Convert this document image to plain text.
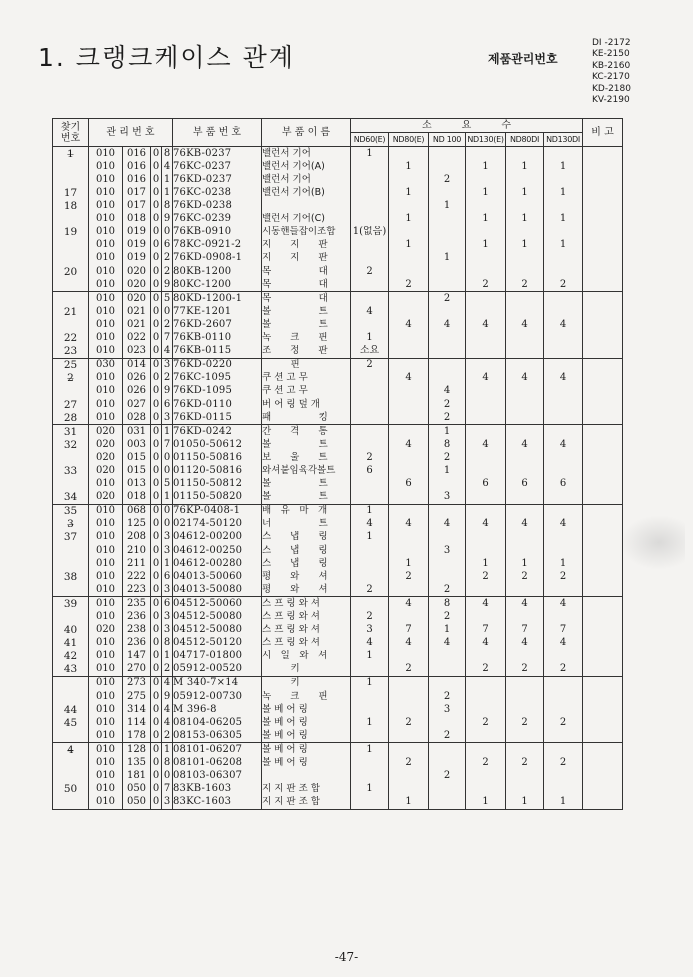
1. 크랭크케이스 관계	제품관리번호
DI -2172
KE-2150
KB-2160
KC-2170
KD-2180
KV-2190
찾기
번호	관 리 번 호				부 품 번 호	부 품 이 름	소　　　요　　　수						비 고
							ND60(E)	ND80(E)	ND 100	ND130(E)	ND80DI	ND130DI	
1̶	010	016	0	8	76KB-0237	밸런서 기어	1						
	010	016	0	4	76KC-0237	밸런서 기어(A)		1		1	1	1	
	010	016	0	1	76KD-0237	밸런서 기어			2				
17	010	017	0	1	76KC-0238	밸런서 기어(B)		1		1	1	1	
18	010	017	0	8	76KD-0238				1				
	010	018	0	9	76KC-0239	밸런서 기어(C)		1		1	1	1	
19	010	019	0	0	76KB-0910	시동핸들잡이조합	1(없음)						
	010	019	0	6	78KC-0921-2	지　　지　　판		1		1	1	1	
	010	019	0	2	76KD-0908-1	지　　지　　판			1				
20	010	020	0	2	80KB-1200	목　　　　　대	2						
	010	020	0	9	80KC-1200	목　　　　　대		2		2	2	2	
	010	020	0	5	80KD-1200-1	목　　　　　대			2				
21	010	021	0	0	77KE-1201	볼　　　　　트	4						
	010	021	0	2	76KD-2607	볼　　　　　트		4	4	4	4	4	
22	010	022	0	7	76KB-0110	녹　　크　　핀	1						
23	010	023	0	4	76KB-0115	조　　정　　판	소요						
25	030	014	0	3	76KD-0220	　　　핀	2						
2̶	010	026	0	2	76KC-1095	쿠 션 고 무		4		4	4	4	
	010	026	0	9	76KD-1095	쿠 션 고 무			4				
27	010	027	0	6	76KD-0110	버 어 링 덮 개			2				
28	010	028	0	3	76KD-0115	패　　　　　킹			2				
31	020	031	0	1	76KD-0242	간　　격　　통			1				
32	020	003	0	7	01050-50612	볼　　　　　트		4	8	4	4	4	
	020	015	0	0	01150-50816	보　　울　　트	2		2				
33	020	015	0	0	01120-50816	와셔붙임육각볼트	6		1				
	010	013	0	5	01150-50812	볼　　　　　트		6		6	6	6	
34	020	018	0	1	01150-50820	볼　　　　　트			3				
35	010	068	0	0	76KP-0408-1	배　유　마　개	1						
3̶	010	125	0	0	02174-50120	너　　　　　트	4	4	4	4	4	4	
37	010	208	0	3	04612-00200	스　　냅　　링	1						
	010	210	0	3	04612-00250	스　　냅　　링			3				
	010	211	0	1	04612-00280	스　　냅　　링		1		1	1	1	
38	010	222	0	6	04013-50060	평　　와　　셔		2		2	2	2	
	010	223	0	3	04013-50080	평　　와　　셔	2		2				
39	010	235	0	6	04512-50060	스 프 링 와 셔		4	8	4	4	4	
	010	236	0	3	04512-50080	스 프 링 와 셔	2		2				
40	020	238	0	3	04512-50080	스 프 링 와 셔	3	7	1	7	7	7	
41	010	236	0	8	04512-50120	스 프 링 와 셔	4	4	4	4	4	4	
42	010	147	0	1	04717-01800	시　일　와　셔	1						
43	010	270	0	2	05912-00520	　　　키		2		2	2	2	
	010	273	0	4	M 340-7×14	　　　키	1						
	010	275	0	9	05912-00730	녹　　크　　핀			2				
44	010	314	0	4	M 396-8	볼 베 어 링			3				
45	010	114	0	4	08104-06205	볼 베 어 링	1	2		2	2	2	
	010	178	0	2	08153-06305	볼 베 어 링			2				
4̶	010	128	0	1	08101-06207	볼 베 어 링	1						
	010	135	0	8	08101-06208	볼 베 어 링		2		2	2	2	
	010	181	0	0	08103-06307				2				
50	010	050	0	7	83KB-1603	지 지 판 조 합	1						
	010	050	0	3	83KC-1603	지 지 판 조 합		1		1	1	1	
-47-
